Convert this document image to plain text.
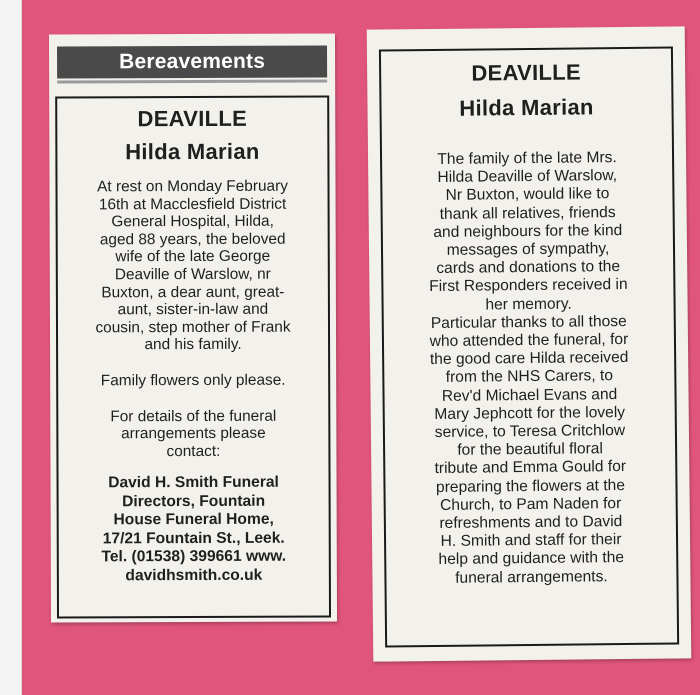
Bereavements
DEAVILLE
Hilda Marian
At rest on Monday February
16th at Macclesfield District
General Hospital, Hilda,
aged 88 years, the beloved
wife of the late George
Deaville of Warslow, nr
Buxton, a dear aunt, great-
aunt, sister-in-law and
cousin, step mother of Frank
and his family.
Family flowers only please.
For details of the funeral
arrangements please
contact:
David H. Smith Funeral
Directors, Fountain
House Funeral Home,
17/21 Fountain St., Leek.
Tel. (01538) 399661 www.
davidhsmith.co.uk
DEAVILLE
Hilda Marian
The family of the late Mrs.
Hilda Deaville of Warslow,
Nr Buxton, would like to
thank all relatives, friends
and neighbours for the kind
messages of sympathy,
cards and donations to the
First Responders received in
her memory.
Particular thanks to all those
who attended the funeral, for
the good care Hilda received
from the NHS Carers, to
Rev'd Michael Evans and
Mary Jephcott for the lovely
service, to Teresa Critchlow
for the beautiful floral
tribute and Emma Gould for
preparing the flowers at the
Church, to Pam Naden for
refreshments and to David
H. Smith and staff for their
help and guidance with the
funeral arrangements.
